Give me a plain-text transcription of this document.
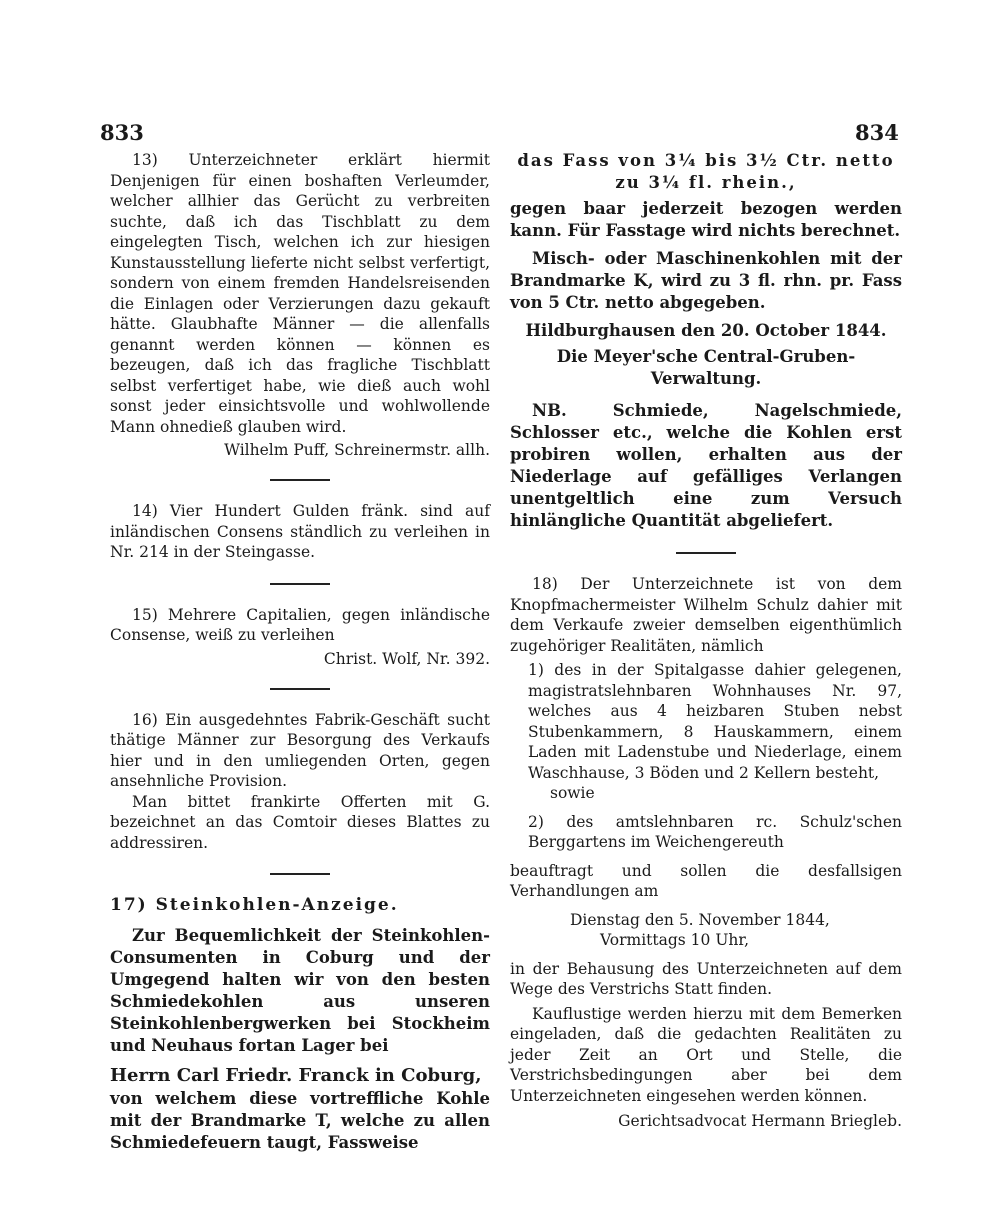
833	834

13) Unterzeichneter erklärt hiermit Denjenigen für einen boshaften Verleumder, welcher allhier das Gerücht zu verbreiten suchte, daß ich das Tischblatt zu dem eingelegten Tisch, welchen ich zur hiesigen Kunstausstellung lieferte nicht selbst verfertigt, sondern von einem fremden Handelsreisenden die Einlagen oder Verzierungen dazu gekauft hätte. Glaubhafte Männer — die allenfalls genannt werden können — können es bezeugen, daß ich das fragliche Tischblatt selbst verfertiget habe, wie dieß auch wohl sonst jeder einsichtsvolle und wohlwollende Mann ohnedieß glauben wird.

Wilhelm Puff, Schreinermstr. allh.

14) Vier Hundert Gulden fränk. sind auf inländischen Consens ständlich zu verleihen in Nr. 214 in der Steingasse.

15) Mehrere Capitalien, gegen inländische Consense, weiß zu verleihen

Christ. Wolf, Nr. 392.

16) Ein ausgedehntes Fabrik-Geschäft sucht thätige Männer zur Besorgung des Verkaufs hier und in den umliegenden Orten, gegen ansehnliche Provision.

Man bittet frankirte Offerten mit G. bezeichnet an das Comtoir dieses Blattes zu addressiren.

17) Steinkohlen-Anzeige.

Zur Bequemlichkeit der Steinkohlen-Consumenten in Coburg und der Umgegend halten wir von den besten Schmiedekohlen aus unseren Steinkohlenbergwerken bei Stockheim und Neuhaus fortan Lager bei

Herrn Carl Friedr. Franck in Coburg,

von welchem diese vortreffliche Kohle mit der Brandmarke T, welche zu allen Schmiedefeuern taugt, Fassweise

das Fass von 3¼ bis 3½ Ctr. netto

zu 3¼ fl. rhein.,

gegen baar jederzeit bezogen werden kann. Für Fasstage wird nichts berechnet.

Misch- oder Maschinenkohlen mit der Brandmarke K, wird zu 3 fl. rhn. pr. Fass von 5 Ctr. netto abgegeben.

Hildburghausen den 20. October 1844.

Die Meyer'sche Central-Gruben-Verwaltung.

NB. Schmiede, Nagelschmiede, Schlosser etc., welche die Kohlen erst probiren wollen, erhalten aus der Niederlage auf gefälliges Verlangen unentgeltlich eine zum Versuch hinlängliche Quantität abgeliefert.

18) Der Unterzeichnete ist von dem Knopfmachermeister Wilhelm Schulz dahier mit dem Verkaufe zweier demselben eigenthümlich zugehöriger Realitäten, nämlich

1) des in der Spitalgasse dahier gelegenen, magistratslehnbaren Wohnhauses Nr. 97, welches aus 4 heizbaren Stuben nebst Stubenkammern, 8 Hauskammern, einem Laden mit Ladenstube und Niederlage, einem Waschhause, 3 Böden und 2 Kellern besteht,

sowie

2) des amtslehnbaren rc. Schulz'schen Berggartens im Weichengereuth

beauftragt und sollen die desfallsigen Verhandlungen am

Dienstag den 5. November 1844,

Vormittags 10 Uhr,

in der Behausung des Unterzeichneten auf dem Wege des Verstrichs Statt finden.

Kauflustige werden hierzu mit dem Bemerken eingeladen, daß die gedachten Realitäten zu jeder Zeit an Ort und Stelle, die Verstrichsbedingungen aber bei dem Unterzeichneten eingesehen werden können.

Gerichtsadvocat Hermann Briegleb.
